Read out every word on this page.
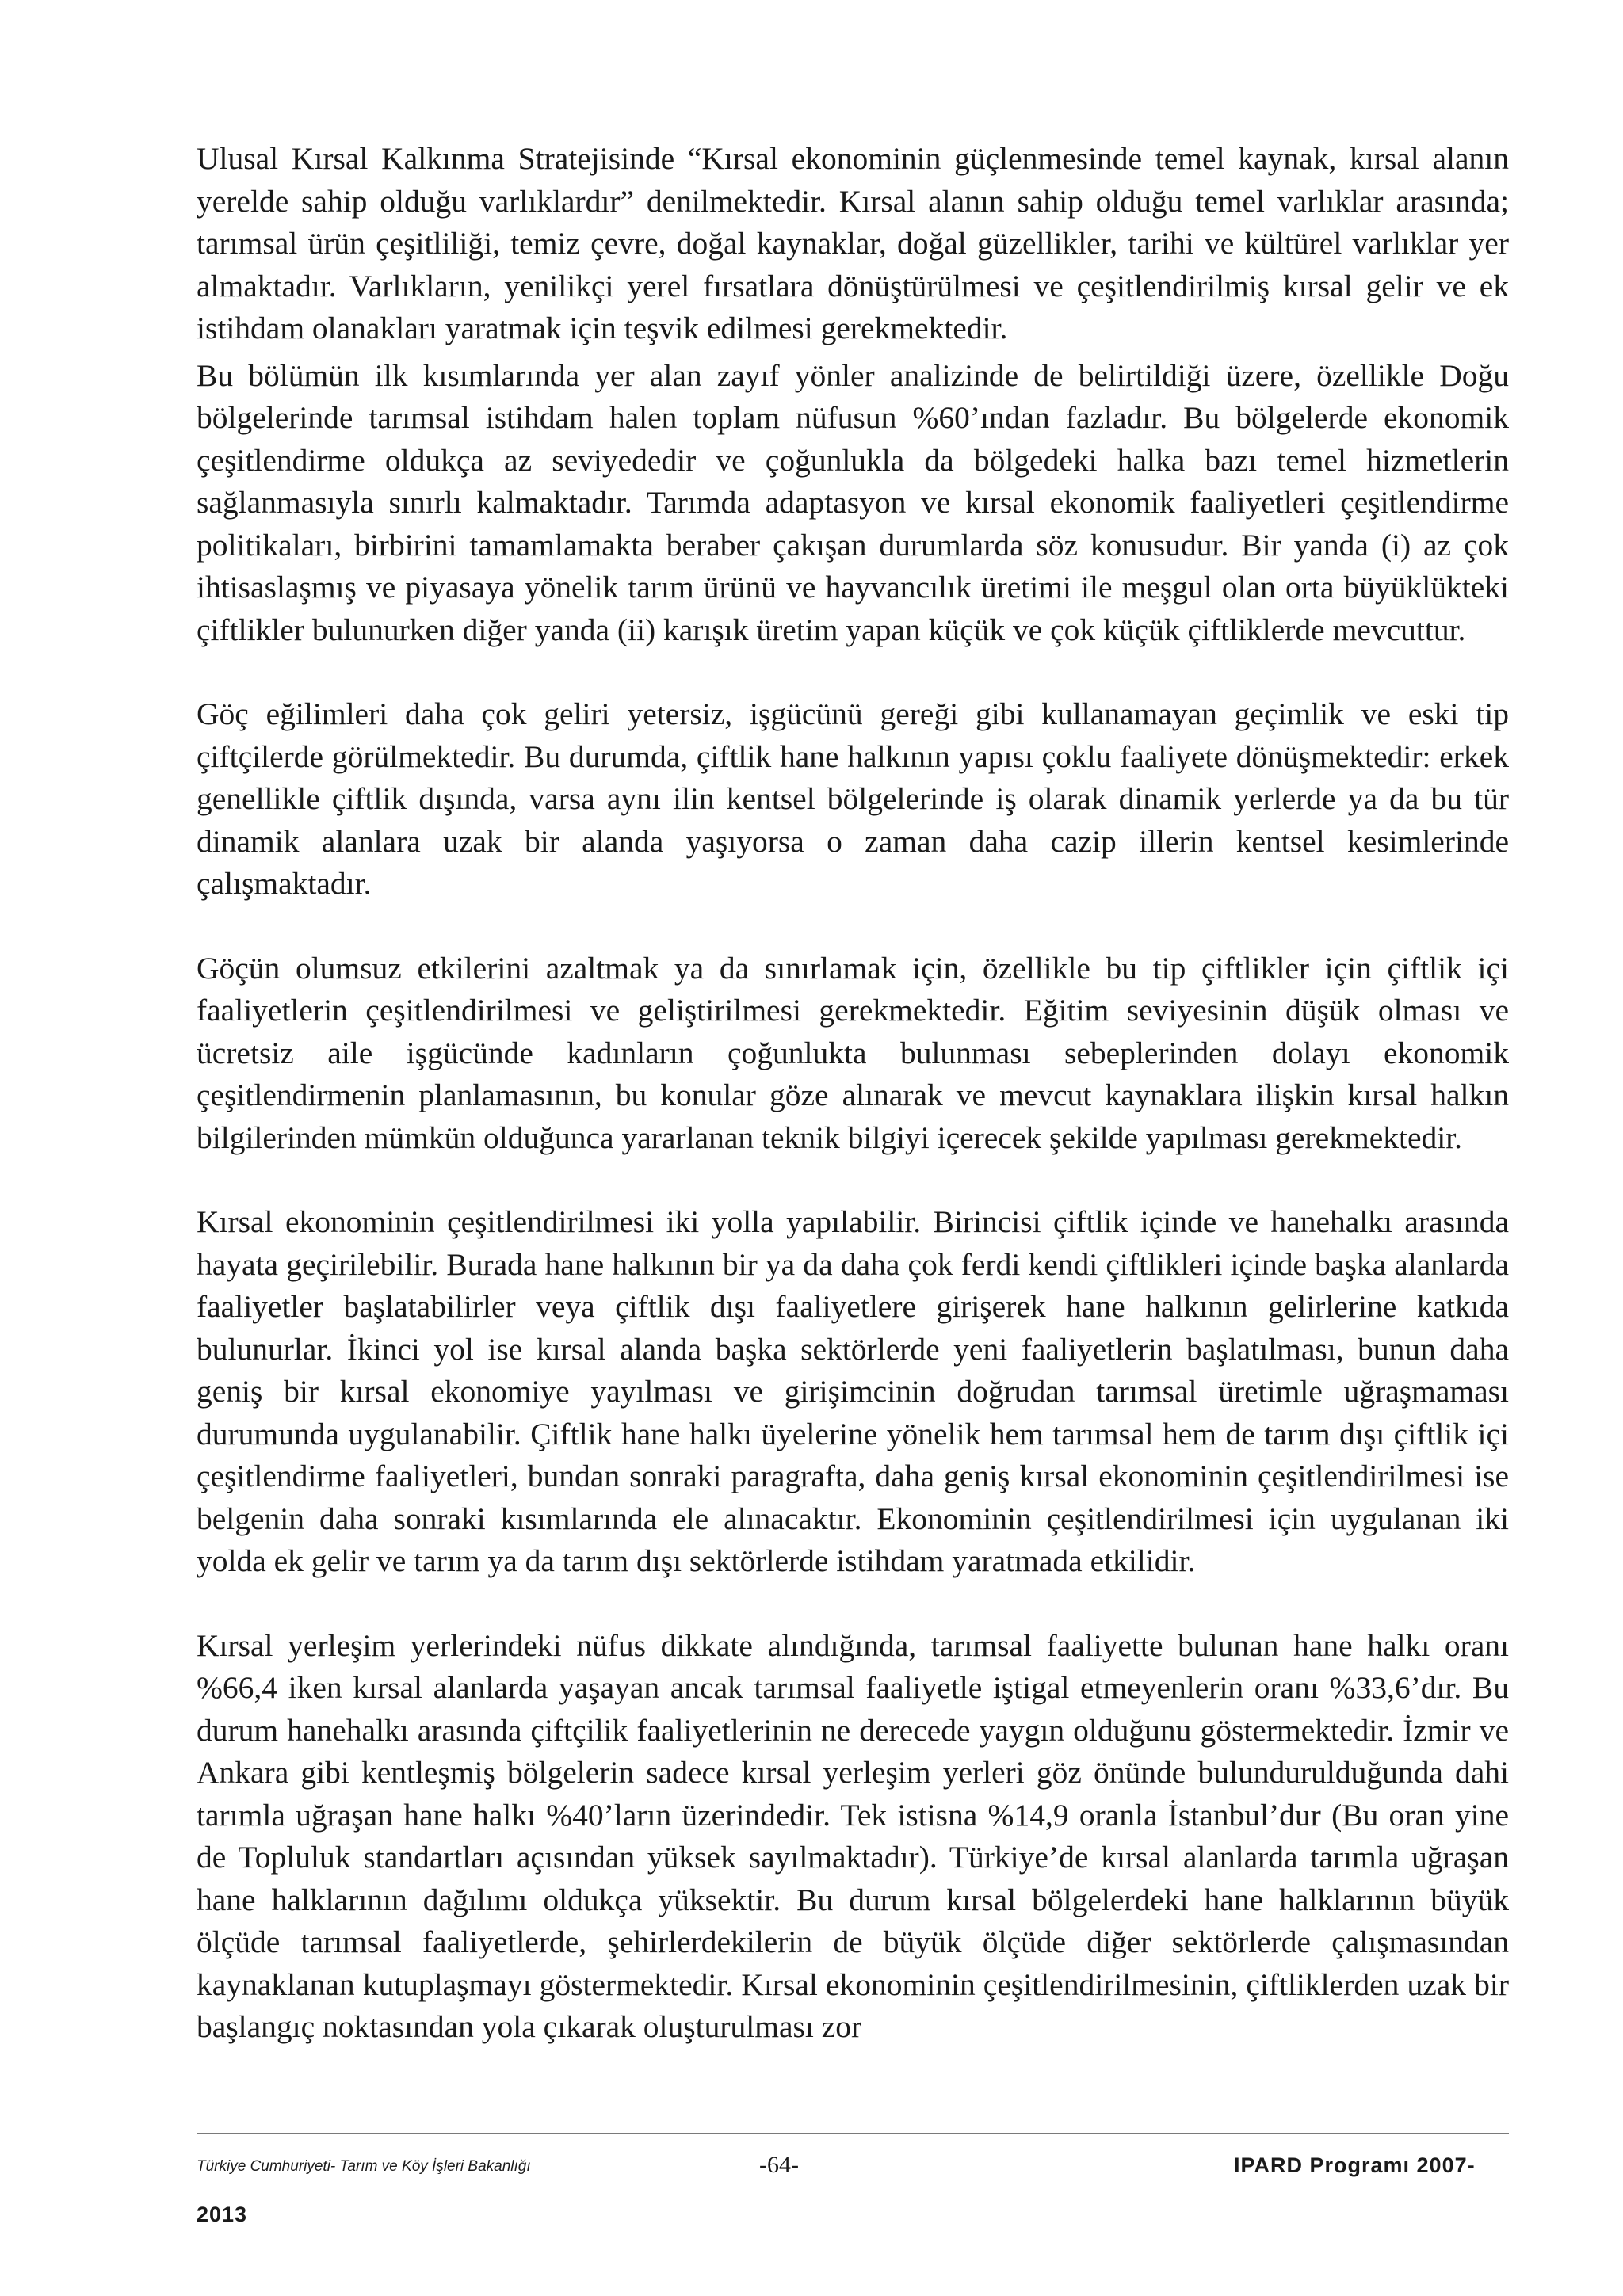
Ulusal Kırsal Kalkınma Stratejisinde “Kırsal ekonominin güçlenmesinde temel kaynak, kırsal alanın yerelde sahip olduğu varlıklardır” denilmektedir. Kırsal alanın sahip olduğu temel varlıklar arasında; tarımsal ürün çeşitliliği, temiz çevre, doğal kaynaklar, doğal güzellikler, tarihi ve kültürel varlıklar yer almaktadır. Varlıkların, yenilikçi yerel fırsatlara dönüştürülmesi ve çeşitlendirilmiş kırsal gelir ve ek istihdam olanakları yaratmak için teşvik edilmesi gerekmektedir.

Bu bölümün ilk kısımlarında yer alan zayıf yönler analizinde de belirtildiği üzere, özellikle Doğu bölgelerinde tarımsal istihdam halen toplam nüfusun %60’ından fazladır. Bu bölgelerde ekonomik çeşitlendirme oldukça az seviyededir ve çoğunlukla da bölgedeki halka bazı temel hizmetlerin sağlanmasıyla sınırlı kalmaktadır. Tarımda adaptasyon ve kırsal ekonomik faaliyetleri çeşitlendirme politikaları, birbirini tamamlamakta beraber çakışan durumlarda söz konusudur. Bir yanda (i) az çok ihtisaslaşmış ve piyasaya yönelik tarım ürünü ve hayvancılık üretimi ile meşgul olan orta büyüklükteki çiftlikler bulunurken diğer yanda (ii) karışık üretim yapan küçük ve çok küçük çiftliklerde mevcuttur.

Göç eğilimleri daha çok geliri yetersiz, işgücünü gereği gibi kullanamayan geçimlik ve eski tip çiftçilerde görülmektedir. Bu durumda, çiftlik hane halkının yapısı çoklu faaliyete dönüşmektedir: erkek genellikle çiftlik dışında, varsa aynı ilin kentsel bölgelerinde iş olarak dinamik yerlerde ya da bu tür dinamik alanlara uzak bir alanda yaşıyorsa o zaman daha cazip illerin kentsel kesimlerinde çalışmaktadır.

Göçün olumsuz etkilerini azaltmak ya da sınırlamak için, özellikle bu tip çiftlikler için çiftlik içi faaliyetlerin çeşitlendirilmesi ve geliştirilmesi gerekmektedir. Eğitim seviyesinin düşük olması ve ücretsiz aile işgücünde kadınların çoğunlukta bulunması sebeplerinden dolayı ekonomik çeşitlendirmenin planlamasının, bu konular göze alınarak ve mevcut kaynaklara ilişkin kırsal halkın bilgilerinden mümkün olduğunca yararlanan teknik bilgiyi içerecek şekilde yapılması gerekmektedir.

Kırsal ekonominin çeşitlendirilmesi iki yolla yapılabilir. Birincisi çiftlik içinde ve hanehalkı arasında hayata geçirilebilir. Burada hane halkının bir ya da daha çok ferdi kendi çiftlikleri içinde başka alanlarda faaliyetler başlatabilirler veya çiftlik dışı faaliyetlere girişerek hane halkının gelirlerine katkıda bulunurlar. İkinci yol ise kırsal alanda başka sektörlerde yeni faaliyetlerin başlatılması, bunun daha geniş bir kırsal ekonomiye yayılması ve girişimcinin doğrudan tarımsal üretimle uğraşmaması durumunda uygulanabilir. Çiftlik hane halkı üyelerine yönelik hem tarımsal hem de tarım dışı çiftlik içi çeşitlendirme faaliyetleri, bundan sonraki paragrafta, daha geniş kırsal ekonominin çeşitlendirilmesi ise belgenin daha sonraki kısımlarında ele alınacaktır. Ekonominin çeşitlendirilmesi için uygulanan iki yolda ek gelir ve tarım ya da tarım dışı sektörlerde istihdam yaratmada etkilidir.

Kırsal yerleşim yerlerindeki nüfus dikkate alındığında, tarımsal faaliyette bulunan hane halkı oranı %66,4 iken kırsal alanlarda yaşayan ancak tarımsal faaliyetle iştigal etmeyenlerin oranı %33,6’dır. Bu durum hanehalkı arasında çiftçilik faaliyetlerinin ne derecede yaygın olduğunu göstermektedir. İzmir ve Ankara gibi kentleşmiş bölgelerin sadece kırsal yerleşim yerleri göz önünde bulundurulduğunda dahi tarımla uğraşan hane halkı %40’ların üzerindedir. Tek istisna %14,9 oranla İstanbul’dur (Bu oran yine de Topluluk standartları açısından yüksek sayılmaktadır). Türkiye’de kırsal alanlarda tarımla uğraşan hane halklarının dağılımı oldukça yüksektir. Bu durum kırsal bölgelerdeki hane halklarının büyük ölçüde tarımsal faaliyetlerde, şehirlerdekilerin de büyük ölçüde diğer sektörlerde çalışmasından kaynaklanan kutuplaşmayı göstermektedir. Kırsal ekonominin çeşitlendirilmesinin, çiftliklerden uzak bir başlangıç noktasından yola çıkarak oluşturulması zor

Türkiye Cumhuriyeti- Tarım ve Köy İşleri Bakanlığı	-64-	IPARD Programı 2007-
2013
